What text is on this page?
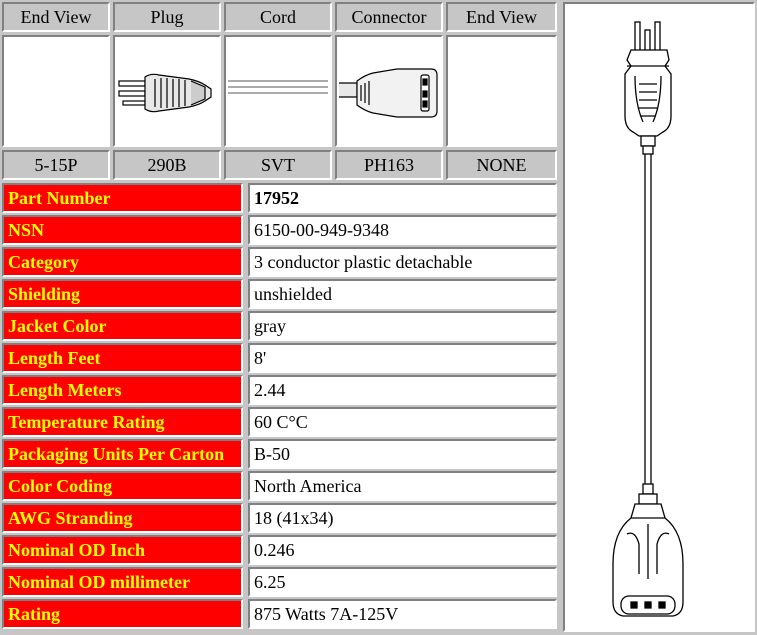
End View	Plug	Cord	Connector	End View
5-15P	290B	SVT	PH163	NONE
Part Number	17952
NSN	6150-00-949-9348
Category	3 conductor plastic detachable
Shielding	unshielded
Jacket Color	gray
Length Feet	8'
Length Meters	2.44
Temperature Rating	60 C°C
Packaging Units Per Carton	B-50
Color Coding	North America
AWG Stranding	18 (41x34)
Nominal OD Inch	0.246
Nominal OD millimeter	6.25
Rating	875 Watts 7A-125V
